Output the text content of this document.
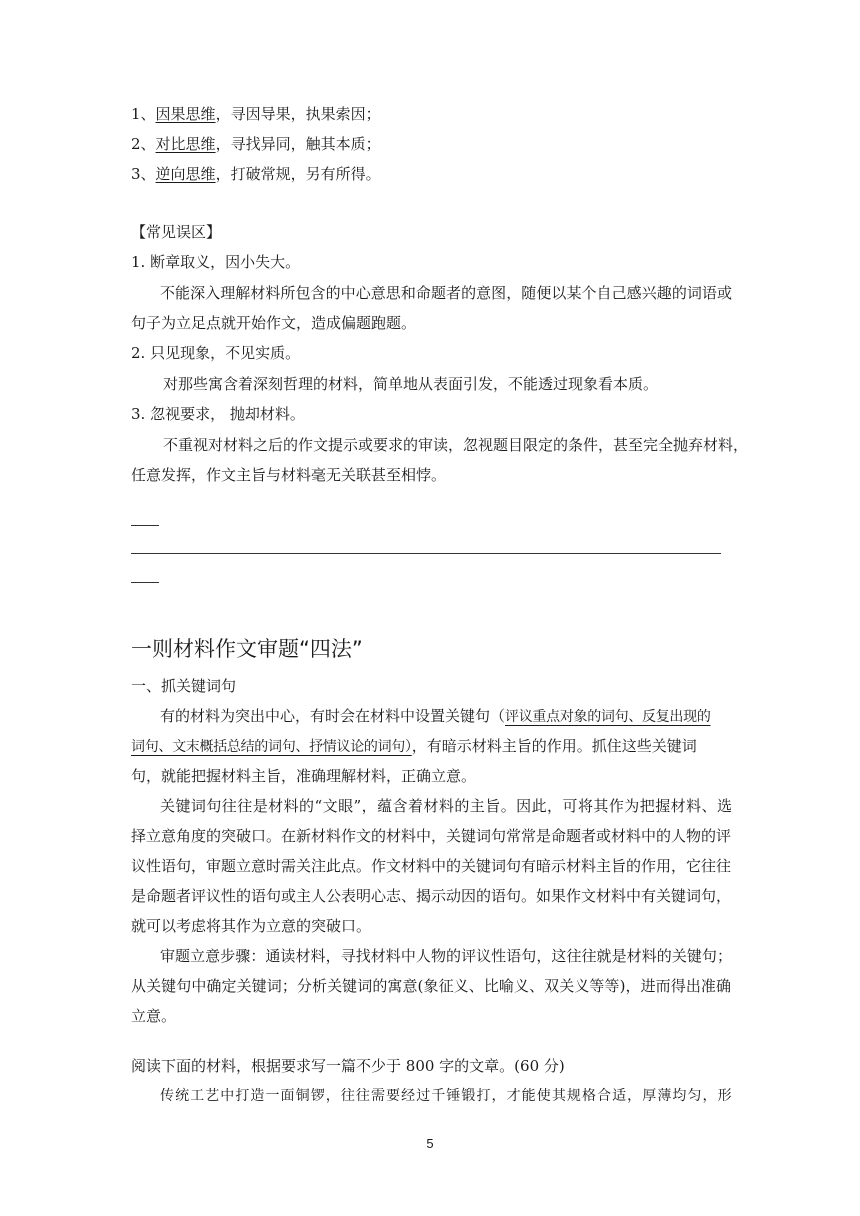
1、因果思维，寻因导果，执果索因；
2、对比思维，寻找异同，触其本质；
3、逆向思维，打破常规，另有所得。
【常见误区】
1. 断章取义，因小失大。
不能深入理解材料所包含的中心意思和命题者的意图，随便以某个自己感兴趣的词语或
句子为立足点就开始作文，造成偏题跑题。
2. 只见现象，不见实质。
对那些寓含着深刻哲理的材料，简单地从表面引发，不能透过现象看本质。
3. 忽视要求， 抛却材料。
不重视对材料之后的作文提示或要求的审读，忽视题目限定的条件，甚至完全抛弃材料，
任意发挥，作文主旨与材料毫无关联甚至相悖。
一则材料作文审题“四法”
一、抓关键词句
有的材料为突出中心，有时会在材料中设置关键句（评议重点对象的词句、反复出现的
词句、文末概括总结的词句、抒情议论的词句），有暗示材料主旨的作用。抓住这些关键词
句，就能把握材料主旨，准确理解材料，正确立意。
关键词句往往是材料的“文眼”，蕴含着材料的主旨。因此，可将其作为把握材料、选
择立意角度的突破口。在新材料作文的材料中，关键词句常常是命题者或材料中的人物的评
议性语句，审题立意时需关注此点。作文材料中的关键词句有暗示材料主旨的作用，它往往
是命题者评议性的语句或主人公表明心志、揭示动因的语句。如果作文材料中有关键词句，
就可以考虑将其作为立意的突破口。
审题立意步骤：通读材料，寻找材料中人物的评议性语句，这往往就是材料的关键句；
从关键句中确定关键词；分析关键词的寓意(象征义、比喻义、双关义等等)，进而得出准确
立意。
阅读下面的材料，根据要求写一篇不少于 800 字的文章。(60 分)
传统工艺中打造一面铜锣，往往需要经过千锤锻打，才能使其规格合适，厚薄均匀，形
5
